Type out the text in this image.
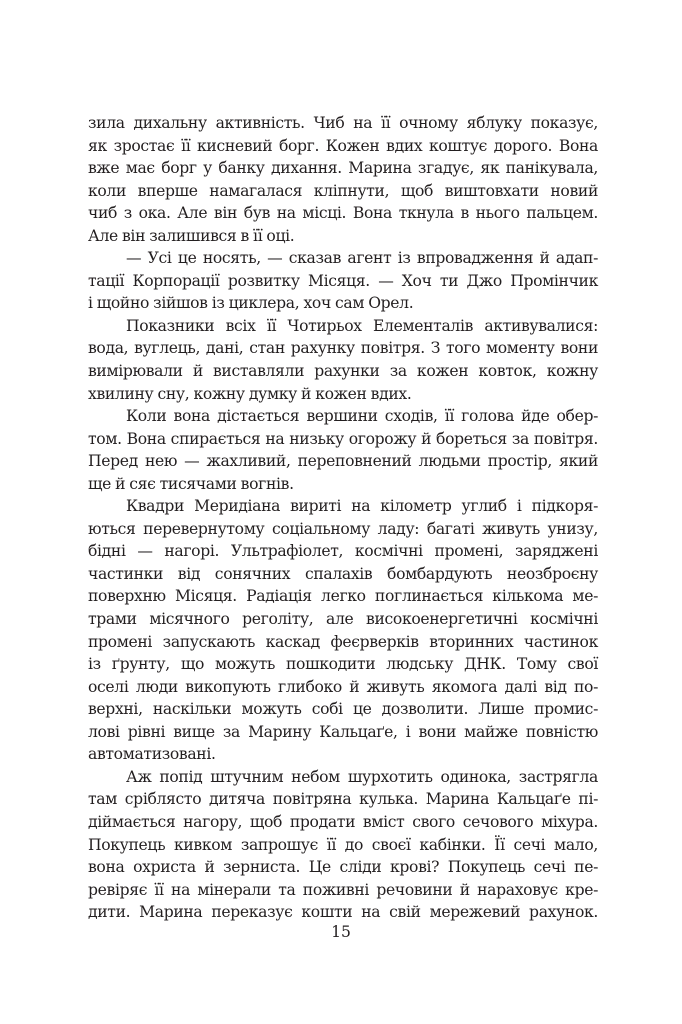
зила дихальну активність. Чиб на її очному яблуку показує,
як зростає її кисневий борг. Кожен вдих коштує дорого. Вона
вже має борг у банку дихання. Марина згадує, як панікувала,
коли вперше намагалася кліпнути, щоб виштовхати новий
чиб з ока. Але він був на місці. Вона ткнула в нього пальцем.
Але він залишився в її оці.
— Усі це носять, — сказав агент із впровадження й адап-
тації Корпорації розвитку Місяця. — Хоч ти Джо Промінчик
і щойно зійшов із циклера, хоч сам Орел.
Показники всіх її Чотирьох Елементалів активувалися:
вода, вуглець, дані, стан рахунку повітря. З того моменту вони
вимірювали й виставляли рахунки за кожен ковток, кожну
хвилину сну, кожну думку й кожен вдих.
Коли вона дістається вершини сходів, її голова йде обер-
том. Вона спирається на низьку огорожу й бореться за повітря.
Перед нею — жахливий, переповнений людьми простір, який
ще й сяє тисячами вогнів.
Квадри Меридіана вириті на кілометр углиб і підкоря-
ються перевернутому соціальному ладу: багаті живуть унизу,
бідні — нагорі. Ультрафіолет, космічні промені, заряджені
частинки від сонячних спалахів бомбардують неозброєну
поверхню Місяця. Радіація легко поглинається кількома ме-
трами місячного реголіту, але високоенергетичні космічні
промені запускають каскад феєрверків вторинних частинок
із ґрунту, що можуть пошкодити людську ДНК. Тому свої
оселі люди викопують глибоко й живуть якомога далі від по-
верхні, наскільки можуть собі це дозволити. Лише промис-
лові рівні вище за Марину Кальцаґе, і вони майже повністю
автоматизовані.
Аж попід штучним небом шурхотить одинока, застрягла
там сріблясто дитяча повітряна кулька. Марина Кальцаґе пі-
діймається нагору, щоб продати вміст свого сечового міхура.
Покупець кивком запрошує її до своєї кабінки. Її сечі мало,
вона охриста й зерниста. Це сліди крові? Покупець сечі пе-
ревіряє її на мінерали та поживні речовини й нараховує кре-
дити. Марина переказує кошти на свій мережевий рахунок.
15
